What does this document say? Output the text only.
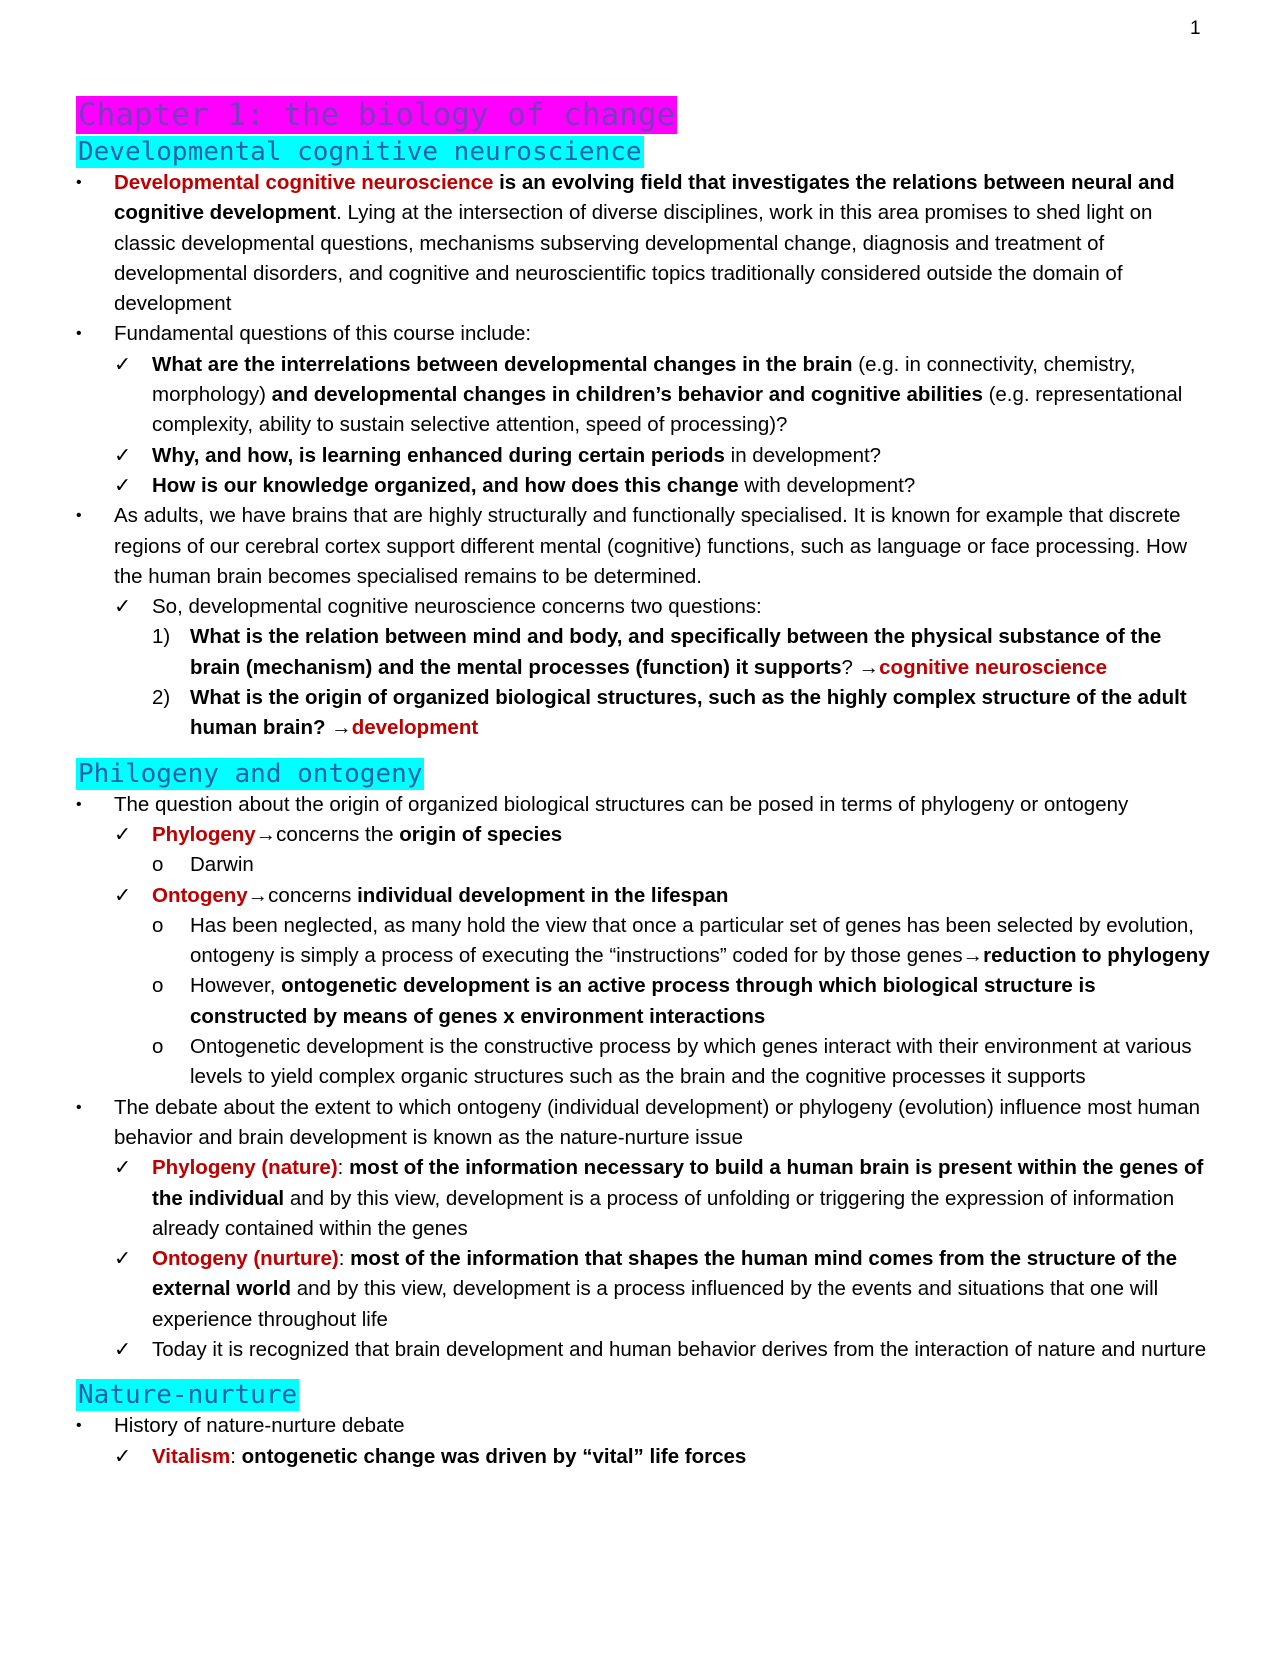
1
Chapter 1: the biology of change
Developmental cognitive neuroscience
• Developmental cognitive neuroscience is an evolving field that investigates the relations between neural and cognitive development. Lying at the intersection of diverse disciplines, work in this area promises to shed light on classic developmental questions, mechanisms subserving developmental change, diagnosis and treatment of developmental disorders, and cognitive and neuroscientific topics traditionally considered outside the domain of development
• Fundamental questions of this course include:
✓ What are the interrelations between developmental changes in the brain (e.g. in connectivity, chemistry, morphology) and developmental changes in children’s behavior and cognitive abilities (e.g. representational complexity, ability to sustain selective attention, speed of processing)?
✓ Why, and how, is learning enhanced during certain periods in development?
✓ How is our knowledge organized, and how does this change with development?
• As adults, we have brains that are highly structurally and functionally specialised. It is known for example that discrete regions of our cerebral cortex support different mental (cognitive) functions, such as language or face processing. How the human brain becomes specialised remains to be determined.
✓ So, developmental cognitive neuroscience concerns two questions:
1) What is the relation between mind and body, and specifically between the physical substance of the brain (mechanism) and the mental processes (function) it supports? →cognitive neuroscience
2) What is the origin of organized biological structures, such as the highly complex structure of the adult human brain? →development
Philogeny and ontogeny
• The question about the origin of organized biological structures can be posed in terms of phylogeny or ontogeny
✓ Phylogeny→concerns the origin of species
o Darwin
✓ Ontogeny→concerns individual development in the lifespan
o Has been neglected, as many hold the view that once a particular set of genes has been selected by evolution, ontogeny is simply a process of executing the “instructions” coded for by those genes→reduction to phylogeny
o However, ontogenetic development is an active process through which biological structure is constructed by means of genes x environment interactions
o Ontogenetic development is the constructive process by which genes interact with their environment at various levels to yield complex organic structures such as the brain and the cognitive processes it supports
• The debate about the extent to which ontogeny (individual development) or phylogeny (evolution) influence most human behavior and brain development is known as the nature-nurture issue
✓ Phylogeny (nature): most of the information necessary to build a human brain is present within the genes of the individual and by this view, development is a process of unfolding or triggering the expression of information already contained within the genes
✓ Ontogeny (nurture): most of the information that shapes the human mind comes from the structure of the external world and by this view, development is a process influenced by the events and situations that one will experience throughout life
✓ Today it is recognized that brain development and human behavior derives from the interaction of nature and nurture
Nature-nurture
• History of nature-nurture debate
✓ Vitalism: ontogenetic change was driven by “vital” life forces
